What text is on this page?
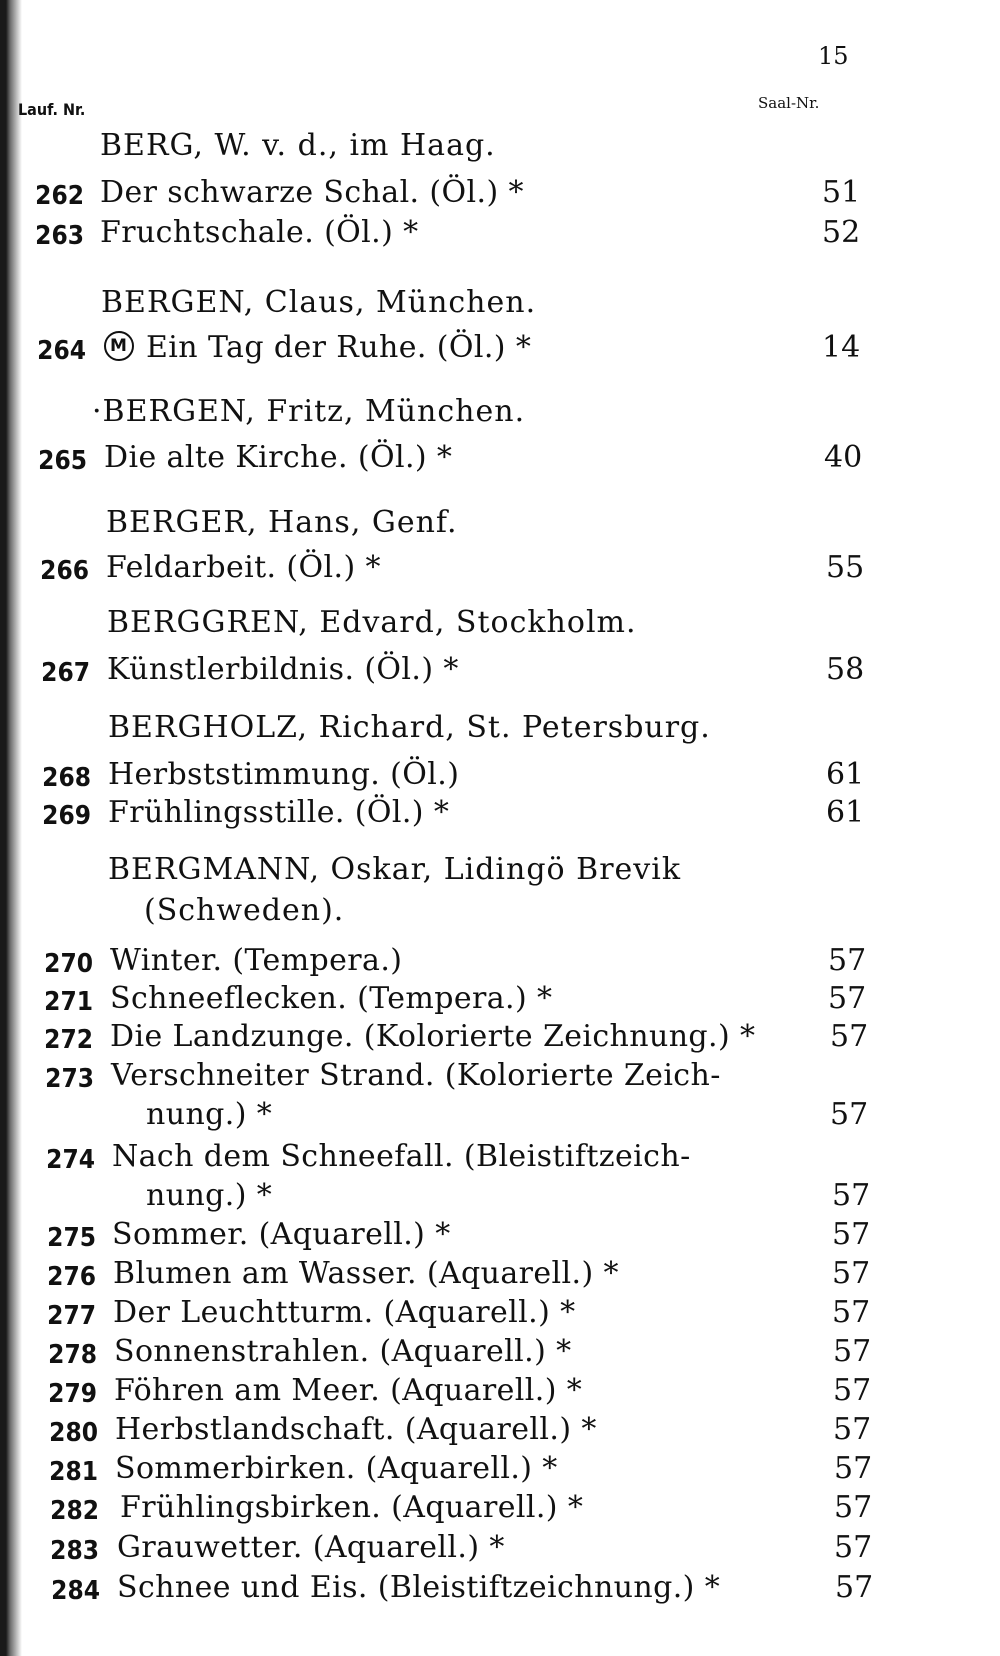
15
Lauf. Nr.	Saal-Nr.
BERG, W. v. d., im Haag.
262 Der schwarze Schal. (Öl.) *	51
263 Fruchtschale. (Öl.) *	52
BERGEN, Claus, München.
264 M	Ein Tag der Ruhe. (Öl.) *	14
·BERGEN, Fritz, München.
265 Die alte Kirche. (Öl.) *	40
BERGER, Hans, Genf.
266 Feldarbeit. (Öl.) *	55
BERGGREN, Edvard, Stockholm.
267 Künstlerbildnis. (Öl.) *	58
BERGHOLZ, Richard, St. Petersburg.
268 Herbststimmung. (Öl.)	61
269 Frühlingsstille. (Öl.) *	61
BERGMANN, Oskar, Lidingö Brevik
(Schweden).
270 Winter. (Tempera.)	57
271 Schneeflecken. (Tempera.) *	57
272 Die Landzunge. (Kolorierte Zeichnung.) * 57
273 Verschneiter Strand. (Kolorierte Zeich-
nung.) *	57
274 Nach dem Schneefall. (Bleistiftzeich-
nung.) *	57
275 Sommer. (Aquarell.) *	57
276 Blumen am Wasser. (Aquarell.) *	57
277 Der Leuchtturm. (Aquarell.) *	57
278 Sonnenstrahlen. (Aquarell.) *	57
279 Föhren am Meer. (Aquarell.) *	57
280 Herbstlandschaft. (Aquarell.) *	57
281 Sommerbirken. (Aquarell.) *	57
282 Frühlingsbirken. (Aquarell.) *	57
283 Grauwetter. (Aquarell.) *	57
284 Schnee und Eis. (Bleistiftzeichnung.) *	57
